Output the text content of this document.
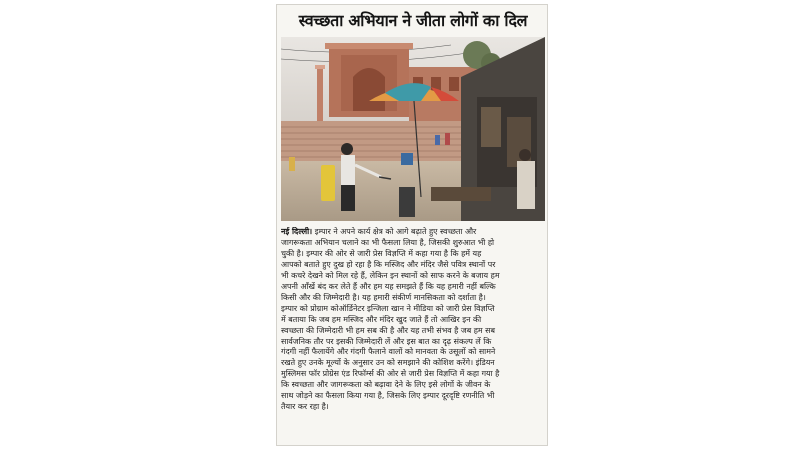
स्वच्छता अभियान ने जीता लोगों का दिल
नई दिल्ली। इम्पार ने अपने कार्य क्षेत्र को आगे बढ़ाते हुए स्वच्छता और
जागरूकता अभियान चलाने का भी फैसला लिया है, जिसकी शुरुआत भी हो
चुकी है। इम्पार की ओर से जारी प्रेस विज्ञप्ति में कहा गया है कि हमें यह
आपको बताते हुए दुख हो रहा है कि मस्जिद और मंदिर जैसे पवित्र स्थानों पर
भी कचरे देखने को मिल रहे हैं, लेकिन इन स्थानों को साफ करने के बजाय हम
अपनी आँखें बंद कर लेते हैं और हम यह समझते हैं कि यह हमारी नहीं बल्कि
किसी और की जिम्मेदारी है। यह हमारी संकीर्ण मानसिकता को दर्शाता है।
इम्पार को प्रोग्राम कोऑर्डिनेटर इन्जिला खान ने मीडिया को जारी प्रेस विज्ञप्ति
में बताया कि जब हम मस्जिद और मंदिर खुद जाते हैं तो आखिर इन की
स्वच्छता की जिम्मेदारी भी हम सब की है और यह तभी संभव है जब हम सब
सार्वजनिक तौर पर इसकी जिम्मेदारी लें और इस बात का दृढ़ संकल्प लें कि
गंदगी नहीं फैलायेंगे और गंदगी फैलाने वालों को मानवता के उसूलों को सामने
रखते हुए उनके मूल्यों के अनुसार उन को समझाने की कोशिश करेंगे। इंडियन
मुस्लिमस फॉर प्रोग्रेस एंड रिफॉर्म्स की ओर से जारी प्रेस विज्ञप्ति में कहा गया है
कि स्वच्छता और जागरूकता को बढ़ावा देने के लिए इसे लोगों के जीवन के
साथ जोड़ने का फैसला किया गया है, जिसके लिए इम्पार दूरदृष्टि रणनीति भी
तैयार कर रहा है।
